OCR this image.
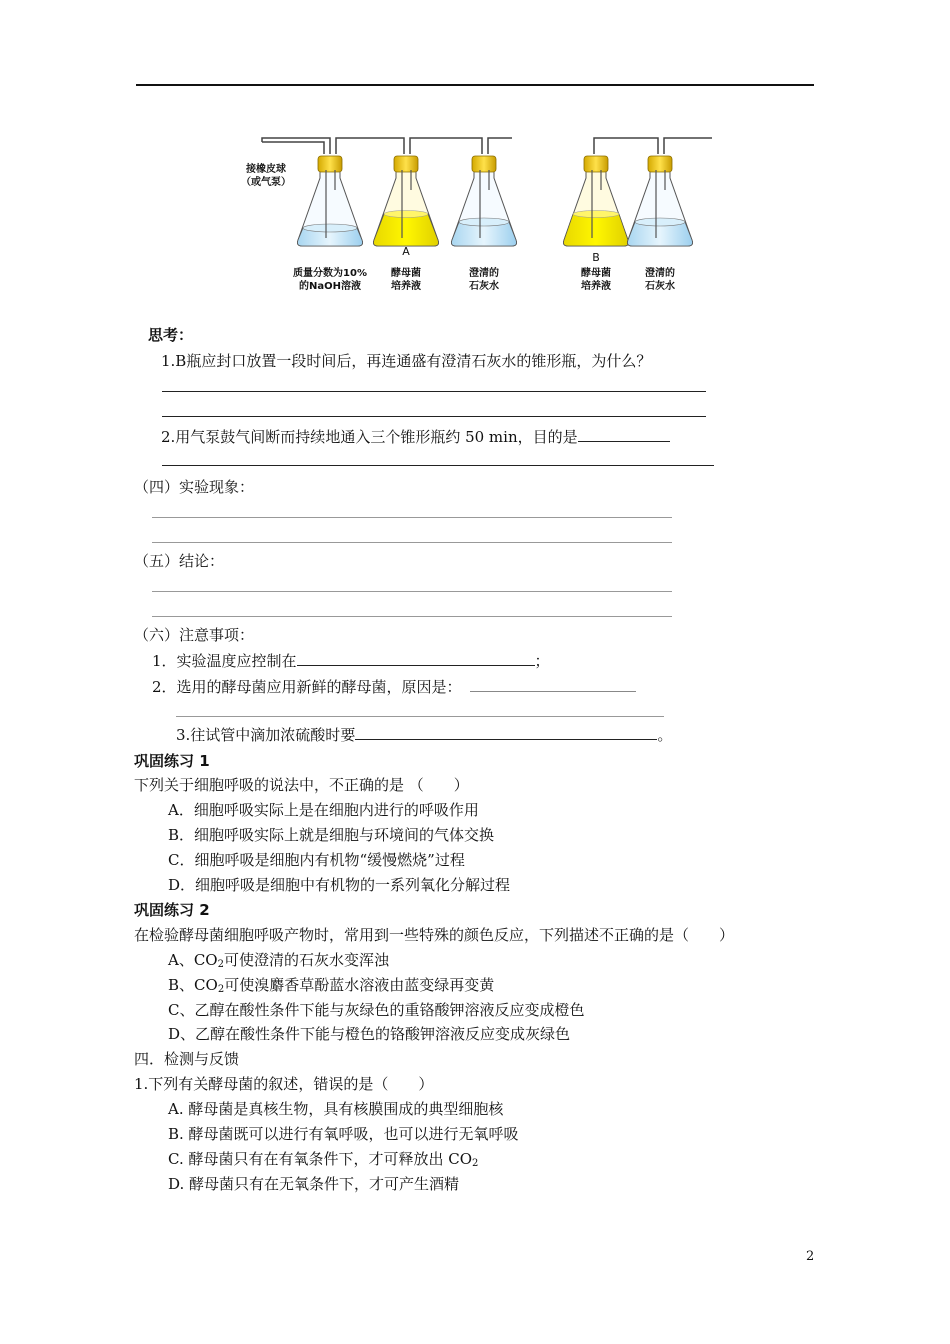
接橡皮球
（或气泵）
A	B
质量分数为10%
的NaOH溶液
酵母菌
培养液
澄清的
石灰水
酵母菌
培养液
澄清的
石灰水
思考：
1.B瓶应封口放置一段时间后，再连通盛有澄清石灰水的锥形瓶，为什么？
2.用气泵鼓气间断而持续地通入三个锥形瓶约 50 min，目的是
（四）实验现象：
（五）结论：
（六）注意事项：
1．实验温度应控制在	；
2．选用的酵母菌应用新鲜的酵母菌，原因是：
3.往试管中滴加浓硫酸时要	。
巩固练习 1
下列关于细胞呼吸的说法中，不正确的是 （　　）
A．细胞呼吸实际上是在细胞内进行的呼吸作用
B．细胞呼吸实际上就是细胞与环境间的气体交换
C．细胞呼吸是细胞内有机物“缓慢燃烧”过程
D．细胞呼吸是细胞中有机物的一系列氧化分解过程
巩固练习 2
在检验酵母菌细胞呼吸产物时，常用到一些特殊的颜色反应，下列描述不正确的是（　　）
A、$CO_2$可使澄清的石灰水变浑浊
B、$CO_2$可使溴麝香草酚蓝水溶液由蓝变绿再变黄
C、乙醇在酸性条件下能与灰绿色的重铬酸钾溶液反应变成橙色
D、乙醇在酸性条件下能与橙色的铬酸钾溶液反应变成灰绿色
四．检测与反馈
1.下列有关酵母菌的叙述，错误的是（　　）
A. 酵母菌是真核生物，具有核膜围成的典型细胞核
B. 酵母菌既可以进行有氧呼吸，也可以进行无氧呼吸
C. 酵母菌只有在有氧条件下，才可释放出 $CO_2$
D. 酵母菌只有在无氧条件下，才可产生酒精
2
